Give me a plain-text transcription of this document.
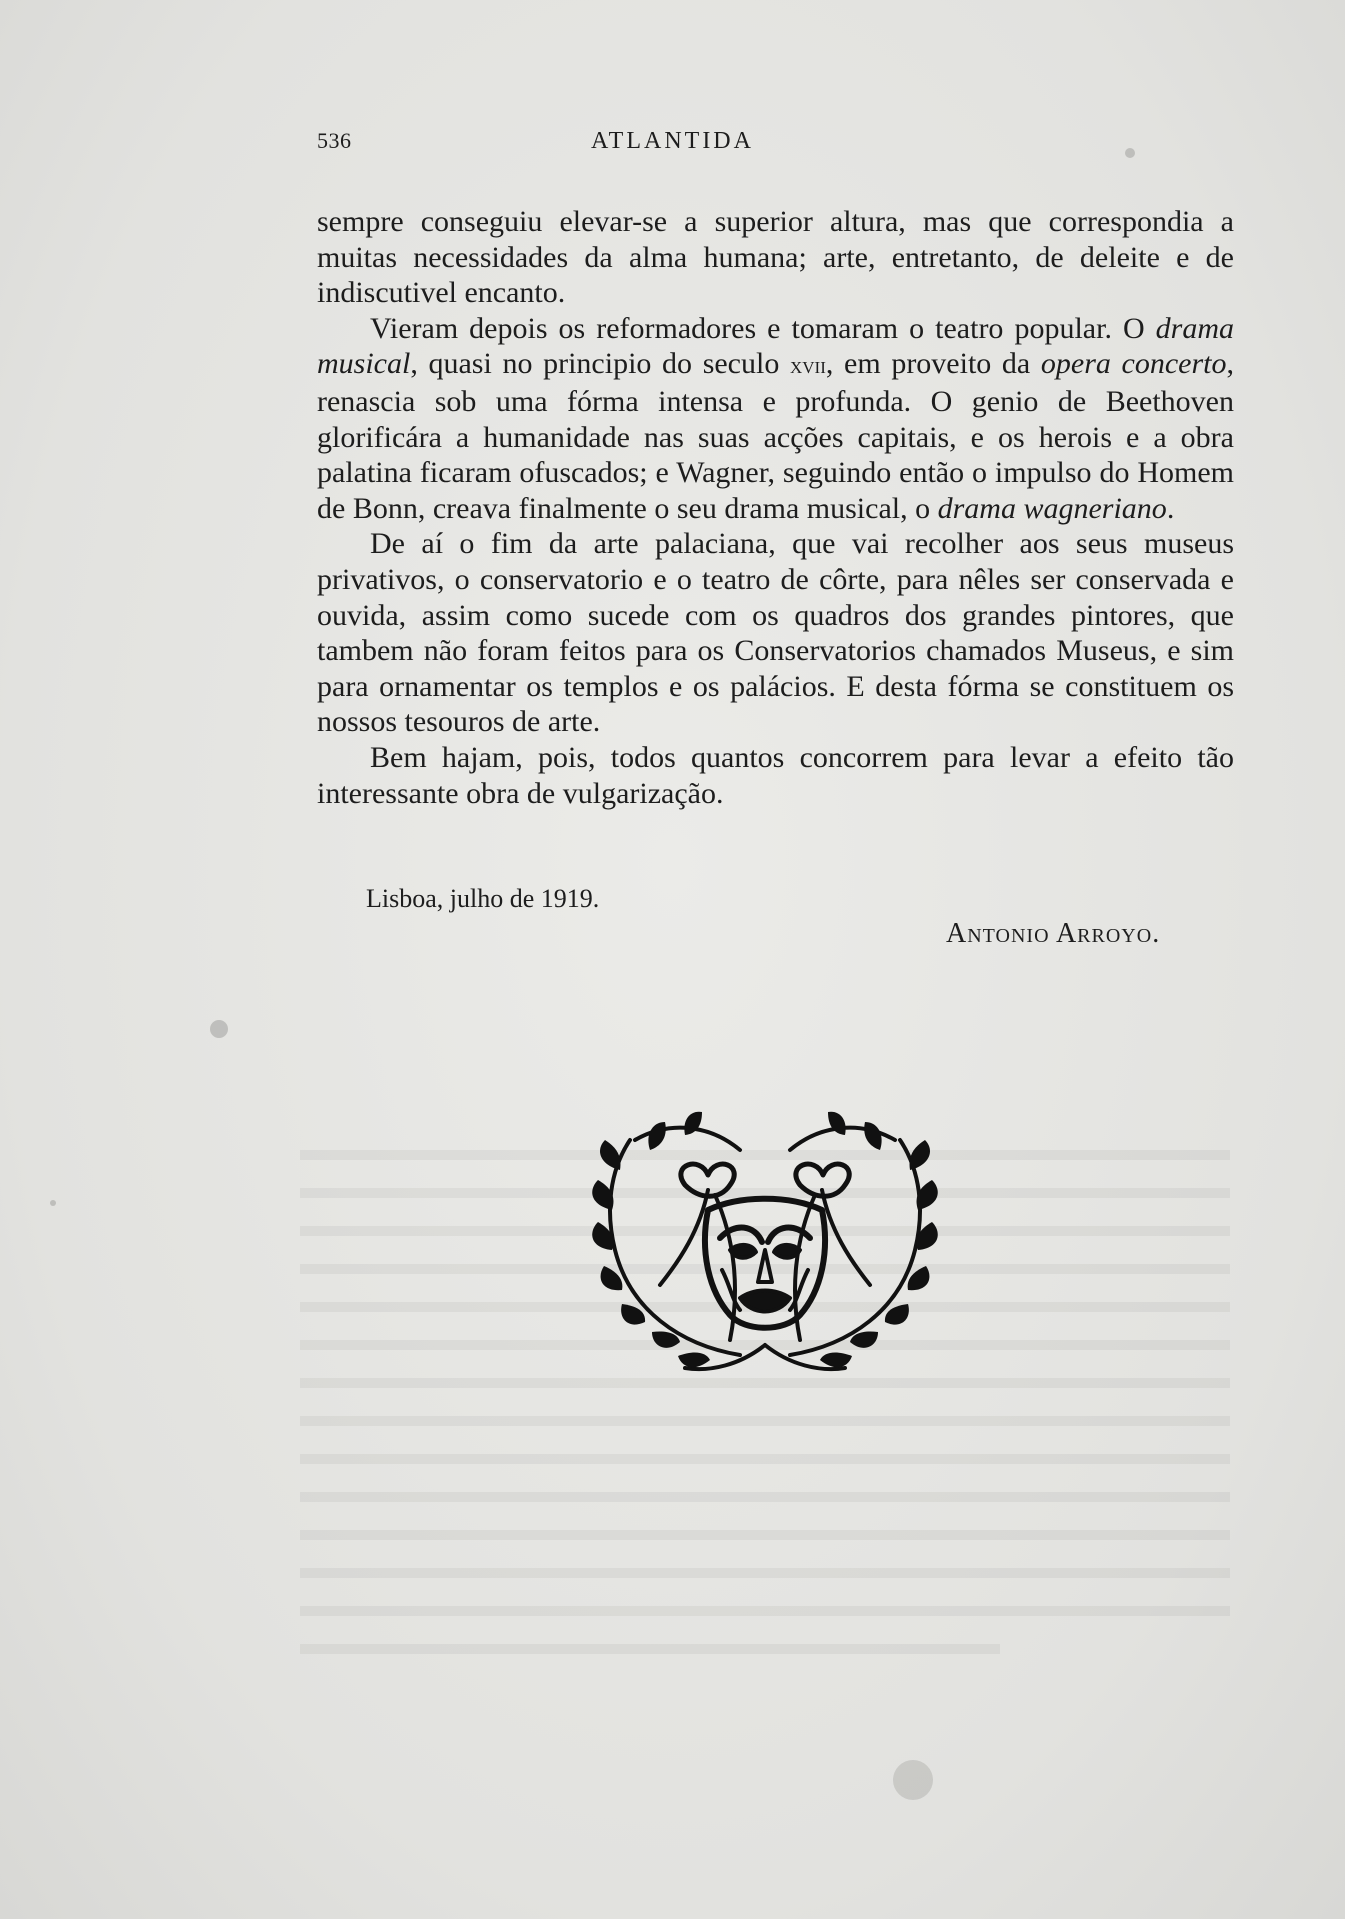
536	ATLANTIDA

sempre conseguiu elevar-se a superior altura, mas que correspondia a muitas necessidades da alma humana; arte, entretanto, de deleite e de indiscutivel encanto.

Vieram depois os reformadores e tomaram o teatro popular. O drama musical, quasi no principio do seculo xvii, em proveito da opera concerto, renascia sob uma fórma intensa e profunda. O genio de Beethoven glorificára a humanidade nas suas acções capitais, e os herois e a obra palatina ficaram ofuscados; e Wagner, seguindo então o impulso do Homem de Bonn, creava finalmente o seu drama musical, o drama wagneriano.

De aí o fim da arte palaciana, que vai recolher aos seus museus privativos, o conservatorio e o teatro de côrte, para nêles ser conservada e ouvida, assim como sucede com os quadros dos grandes pintores, que tambem não foram feitos para os Conservatorios chamados Museus, e sim para ornamentar os templos e os palácios. E desta fórma se constituem os nossos tesouros de arte.

Bem hajam, pois, todos quantos concorrem para levar a efeito tão interessante obra de vulgarização.

Lisboa, julho de 1919.
Antonio Arroyo.
